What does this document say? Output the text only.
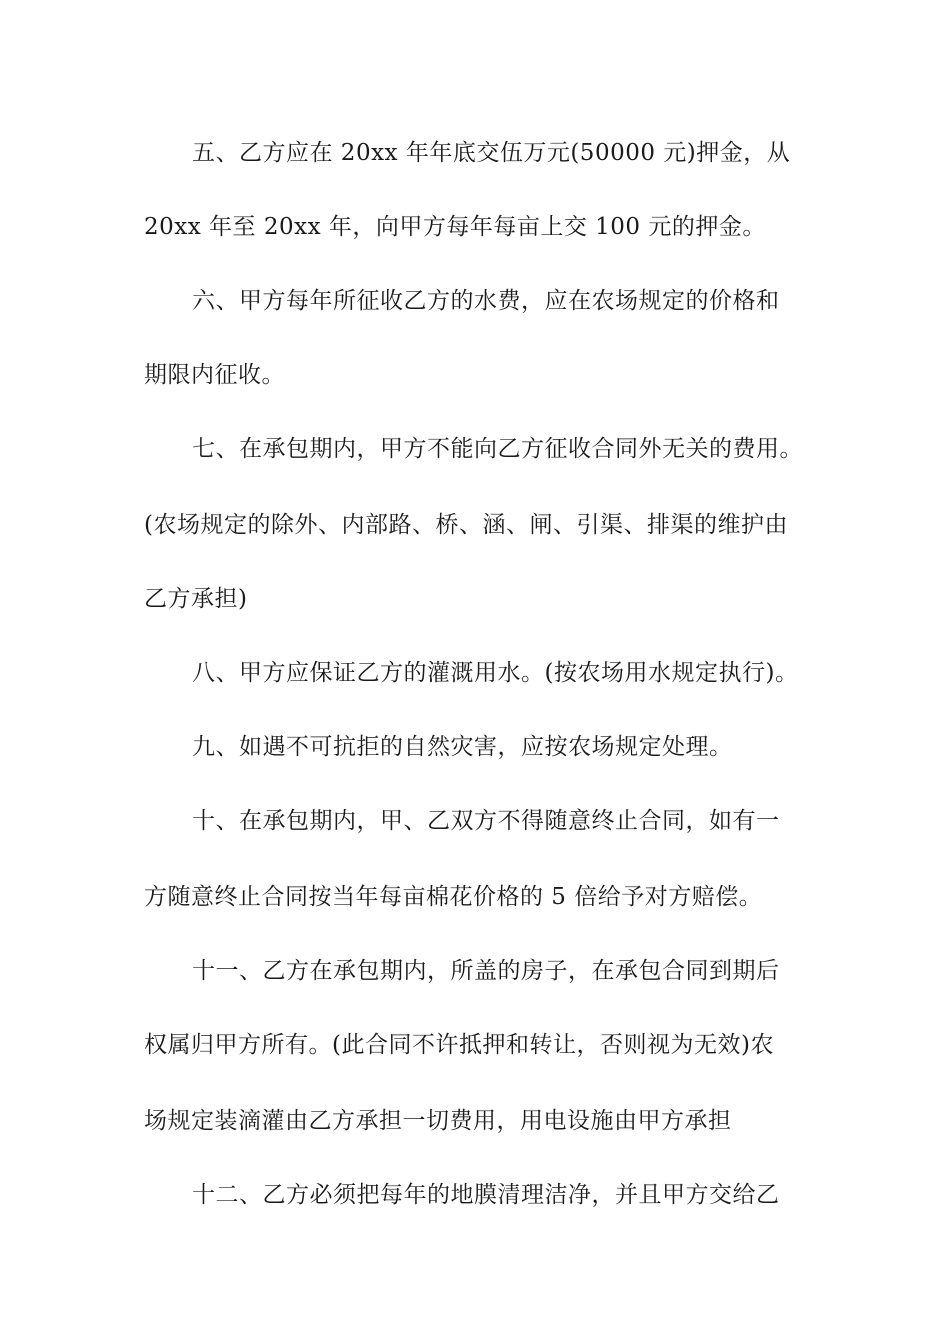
五、乙方应在 20xx 年年底交伍万元(50000 元)押金，从

20xx 年至 20xx 年，向甲方每年每亩上交 100 元的押金。

六、甲方每年所征收乙方的水费，应在农场规定的价格和

期限内征收。

七、在承包期内，甲方不能向乙方征收合同外无关的费用。

(农场规定的除外、内部路、桥、涵、闸、引渠、排渠的维护由

乙方承担)

八、甲方应保证乙方的灌溉用水。(按农场用水规定执行)。

九、如遇不可抗拒的自然灾害，应按农场规定处理。

十、在承包期内，甲、乙双方不得随意终止合同，如有一

方随意终止合同按当年每亩棉花价格的 5 倍给予对方赔偿。

十一、乙方在承包期内，所盖的房子，在承包合同到期后

权属归甲方所有。(此合同不许抵押和转让，否则视为无效)农

场规定装滴灌由乙方承担一切费用，用电设施由甲方承担

十二、乙方必须把每年的地膜清理洁净，并且甲方交给乙
